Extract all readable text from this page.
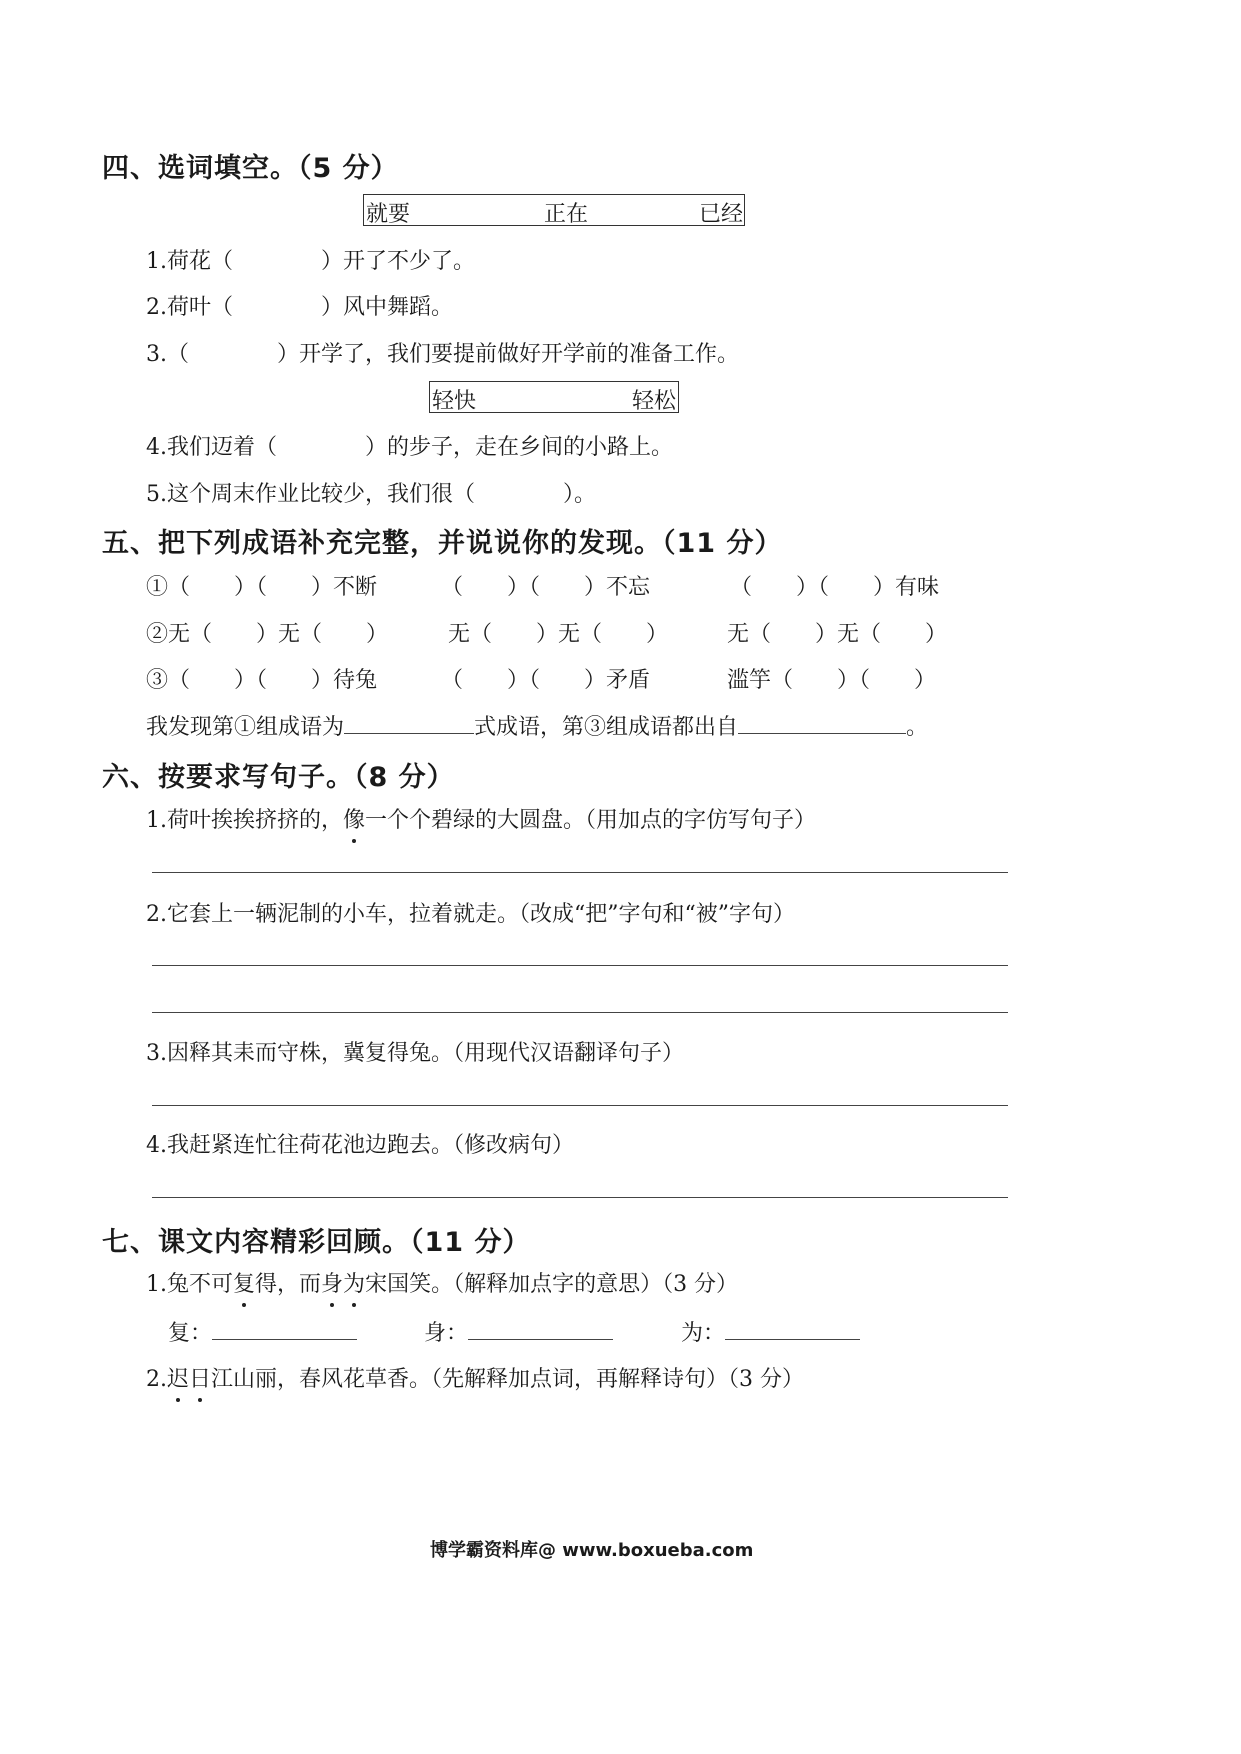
四、选词填空。（5 分）
就要	正在	已经
1.荷花（　　　　）开了不少了。
2.荷叶（　　　　）风中舞蹈。
3.（　　　　）开学了，我们要提前做好开学前的准备工作。
轻快	轻松
4.我们迈着（　　　　）的步子，走在乡间的小路上。
5.这个周末作业比较少，我们很（　　　　）。
五、把下列成语补充完整，并说说你的发现。（11 分）
①（　　）（　　）不断	（　　）（　　）不忘	（　　）（　　）有味
②无（　　）无（　　）	无（　　）无（　　）	无（　　）无（　　）
③（　　）（　　）待兔	（　　）（　　）矛盾	滥竽（　　）（　　）
我发现第①组成语为	式成语，第③组成语都出自	。
六、按要求写句子。（8 分）
1.荷叶挨挨挤挤的，像一个个碧绿的大圆盘。（用加点的字仿写句子）
2.它套上一辆泥制的小车，拉着就走。（改成“把”字句和“被”字句）
3.因释其耒而守株，冀复得兔。（用现代汉语翻译句子）
4.我赶紧连忙往荷花池边跑去。（修改病句）
七、课文内容精彩回顾。（11 分）
1.兔不可复得，而身为宋国笑。（解释加点字的意思）（3 分）
复：	身：	为：
2.迟日江山丽，春风花草香。（先解释加点词，再解释诗句）（3 分）
博学霸资料库@ www.boxueba.com
